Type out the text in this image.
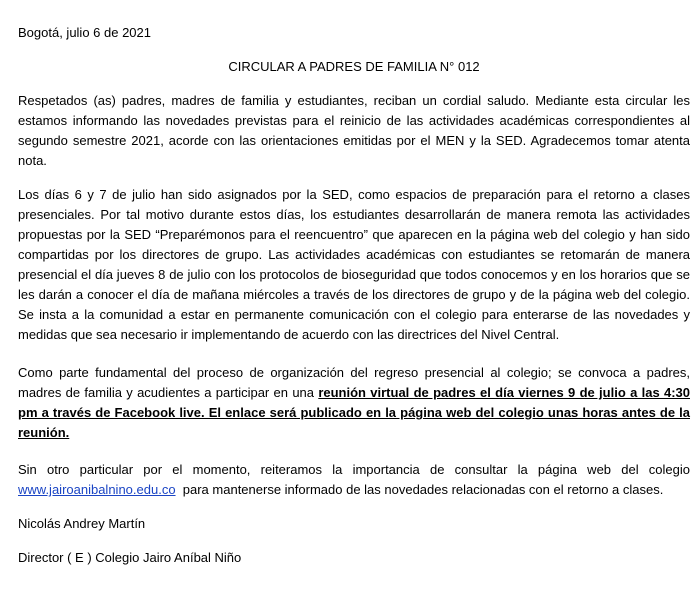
Bogotá, julio 6 de 2021
CIRCULAR A PADRES DE FAMILIA N° 012
Respetados (as) padres, madres de familia y estudiantes, reciban un cordial saludo. Mediante esta circular les estamos informando las novedades previstas para el reinicio de las actividades académicas correspondientes al segundo semestre 2021, acorde con las orientaciones emitidas por el MEN y la SED. Agradecemos tomar atenta nota.
Los días 6 y 7 de julio han sido asignados por la SED, como espacios de preparación para el retorno a clases presenciales. Por tal motivo durante estos días, los estudiantes desarrollarán de manera remota las actividades propuestas por la SED “Preparémonos para el reencuentro” que aparecen en la página web del colegio y han sido compartidas por los directores de grupo. Las actividades académicas con estudiantes se retomarán de manera presencial el día jueves 8 de julio con los protocolos de bioseguridad que todos conocemos y en los horarios que se les darán a conocer el día de mañana miércoles a través de los directores de grupo y de la página web del colegio. Se insta a la comunidad a estar en permanente comunicación con el colegio para enterarse de las novedades y medidas que sea necesario ir implementando de acuerdo con las directrices del Nivel Central.
Como parte fundamental del proceso de organización del regreso presencial al colegio; se convoca a padres, madres de familia y acudientes a participar en una reunión virtual de padres el día viernes 9 de julio a las 4:30 pm a través de Facebook live. El enlace será publicado en la página web del colegio unas horas antes de la reunión.
Sin otro particular por el momento, reiteramos la importancia de consultar la página web del colegio www.jairoanibalnino.edu.co  para mantenerse informado de las novedades relacionadas con el retorno a clases.
Nicolás Andrey Martín
Director ( E ) Colegio Jairo Aníbal Niño
